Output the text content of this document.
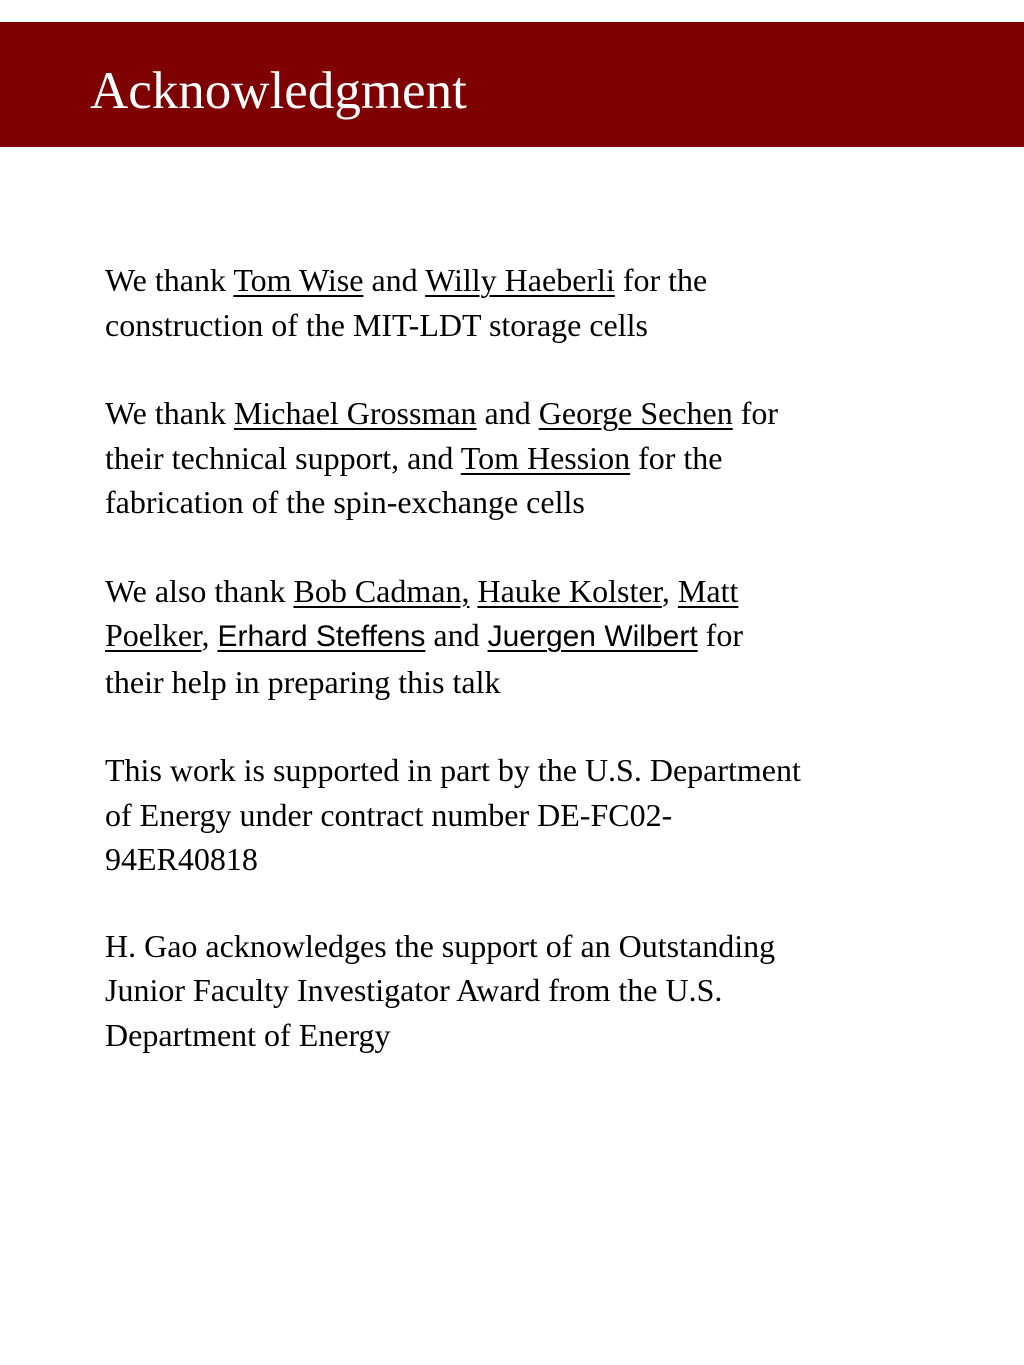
Acknowledgment

We thank Tom Wise and Willy Haeberli for the
construction of the MIT-LDT storage cells

We thank Michael Grossman and George Sechen for
their technical support, and Tom Hession for the
fabrication of the spin-exchange cells

We also thank Bob Cadman, Hauke Kolster, Matt
Poelker, Erhard Steffens and Juergen Wilbert for
their help in preparing this talk

This work is supported in part by the U.S. Department
of Energy under contract number DE-FC02-
94ER40818

H. Gao acknowledges the support of an Outstanding
Junior Faculty Investigator Award from the U.S.
Department of Energy
